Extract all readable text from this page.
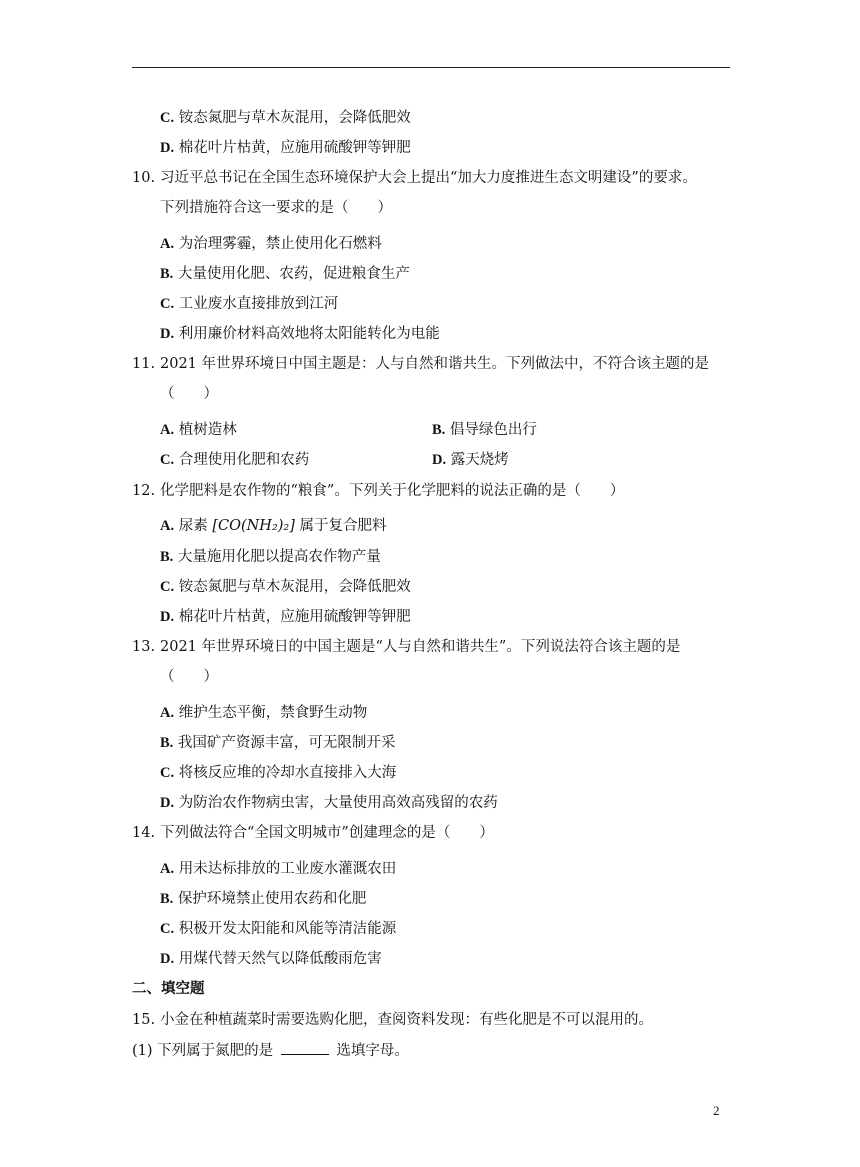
C. 铵态氮肥与草木灰混用，会降低肥效
D. 棉花叶片枯黄，应施用硫酸钾等钾肥
10. 习近平总书记在全国生态环境保护大会上提出“加大力度推进生态文明建设”的要求。
下列措施符合这一要求的是（　　）
A. 为治理雾霾，禁止使用化石燃料
B. 大量使用化肥、农药，促进粮食生产
C. 工业废水直接排放到江河
D. 利用廉价材料高效地将太阳能转化为电能
11. 2021 年世界环境日中国主题是：人与自然和谐共生。下列做法中，不符合该主题的是
（　　）
A. 植树造林	B. 倡导绿色出行
C. 合理使用化肥和农药	D. 露天烧烤
12. 化学肥料是农作物的“粮食”。下列关于化学肥料的说法正确的是（　　）
A. 尿素 [CO(NH₂)₂] 属于复合肥料
B. 大量施用化肥以提高农作物产量
C. 铵态氮肥与草木灰混用，会降低肥效
D. 棉花叶片枯黄，应施用硫酸钾等钾肥
13. 2021 年世界环境日的中国主题是“人与自然和谐共生”。下列说法符合该主题的是
（　　）
A. 维护生态平衡，禁食野生动物
B. 我国矿产资源丰富，可无限制开采
C. 将核反应堆的冷却水直接排入大海
D. 为防治农作物病虫害，大量使用高效高残留的农药
14. 下列做法符合“全国文明城市”创建理念的是（　　）
A. 用未达标排放的工业废水灌溉农田
B. 保护环境禁止使用农药和化肥
C. 积极开发太阳能和风能等清洁能源
D. 用煤代替天然气以降低酸雨危害
二、填空题
15. 小金在种植蔬菜时需要选购化肥，查阅资料发现：有些化肥是不可以混用的。
(1) 下列属于氮肥的是	选填字母。
2
